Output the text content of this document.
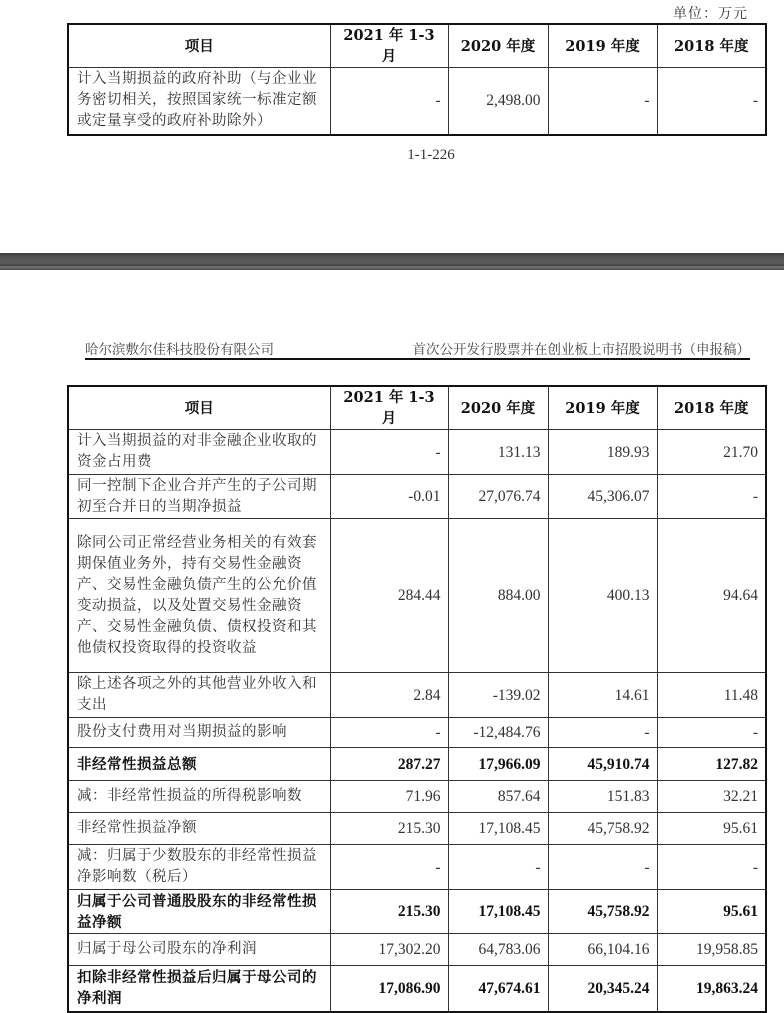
单位：万元
项目	2021 年 1-3 月	2020 年度	2019 年度	2018 年度
计入当期损益的政府补助（与企业业务密切相关，按照国家统一标准定额或定量享受的政府补助除外）	-	2,498.00	-	-
1-1-226
哈尔滨敷尔佳科技股份有限公司	首次公开发行股票并在创业板上市招股说明书（申报稿）
项目	2021 年 1-3 月	2020 年度	2019 年度	2018 年度
计入当期损益的对非金融企业收取的资金占用费	-	131.13	189.93	21.70
同一控制下企业合并产生的子公司期初至合并日的当期净损益	-0.01	27,076.74	45,306.07	-
除同公司正常经营业务相关的有效套期保值业务外，持有交易性金融资产、交易性金融负债产生的公允价值变动损益，以及处置交易性金融资产、交易性金融负债、债权投资和其他债权投资取得的投资收益	284.44	884.00	400.13	94.64
除上述各项之外的其他营业外收入和支出	2.84	-139.02	14.61	11.48
股份支付费用对当期损益的影响	-	-12,484.76	-	-
非经常性损益总额	287.27	17,966.09	45,910.74	127.82
减：非经常性损益的所得税影响数	71.96	857.64	151.83	32.21
非经常性损益净额	215.30	17,108.45	45,758.92	95.61
减：归属于少数股东的非经常性损益净影响数（税后）	-	-	-	-
归属于公司普通股股东的非经常性损益净额	215.30	17,108.45	45,758.92	95.61
归属于母公司股东的净利润	17,302.20	64,783.06	66,104.16	19,958.85
扣除非经常性损益后归属于母公司的净利润	17,086.90	47,674.61	20,345.24	19,863.24
